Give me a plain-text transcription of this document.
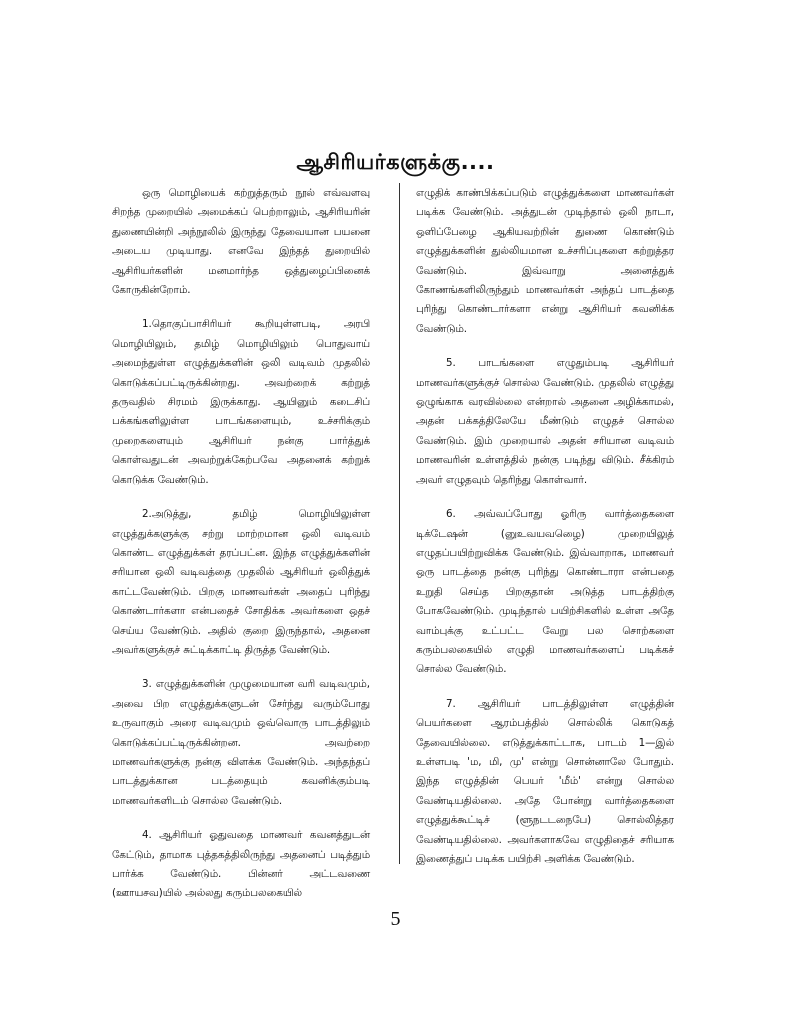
ஆசிரியர்களுக்கு....

ஒரு மொழியைக் கற்றுத்தரும் நூல் எவ்வளவு சிறந்த முறையில் அமைக்கப் பெற்றாலும், ஆசிரியரின் துணையின்றி அந்நூலில் இருந்து தேவையான பயனை அடைய முடியாது. எனவே இந்தத் துறையில் ஆசிரியர்களின் மனமார்ந்த ஒத்துழைப்பினைக் கோருகின்றோம்.

1.தொகுப்பாசிரியர் கூறியுள்ளபடி, அரபி மொழியிலும், தமிழ் மொழியிலும் பொதுவாய் அமைந்துள்ள எழுத்துக்களின் ஒலி வடிவம் முதலில் கொடுக்கப்பட்டிருக்கின்றது. அவற்றைக் கற்றுத் தருவதில் சிரமம் இருக்காது. ஆயினும் கடைசிப் பக்கங்களிலுள்ள பாடங்களையும், உச்சரிக்கும் முறைகளையும் ஆசிரியர் நன்கு பார்த்துக் கொள்வதுடன் அவற்றுக்கேற்பவே அதனைக் கற்றுக் கொடுக்க வேண்டும்.

2.அடுத்து, தமிழ் மொழியிலுள்ள எழுத்துக்களுக்கு சற்று மாற்றமான ஒலி வடிவம் கொண்ட எழுத்துக்கள் தரப்பட்ன. இந்த எழுத்துக்களின் சரியான ஒலி வடிவத்தை முதலில் ஆசிரியர் ஒலித்துக் காட்டவேண்டும். பிறகு மாணவர்கள் அதைப் புரிந்து கொண்டார்களா என்பதைச் சோதிக்க அவர்களை ஒதச் செய்ய வேண்டும். அதில் குறை இருந்தால், அதனை அவர்களுக்குச் சுட்டிக்காட்டி திருத்த வேண்டும்.

3. எழுத்துக்களின் முழுமையான வரி வடிவமும், அவை பிற எழுத்துக்களுடன் சேர்ந்து வரும்போது உருவாகும் அரை வடிவமும் ஒவ்வொரு பாடத்திலும் கொடுக்கப்பட்டிருக்கின்றன. அவற்றை மாணவர்களுக்கு நன்கு விளக்க வேண்டும். அந்தந்தப் பாடத்துக்கான படத்தையும் கவனிக்கும்படி மாணவர்களிடம் சொல்ல வேண்டும்.

4. ஆசிரியர் ஓதுவதை மாணவர் கவனத்துடன் கேட்டும், தாமாக புத்தகத்திலிருந்து அதனைப் படித்தும் பார்க்க வேண்டும். பின்னர் அட்டவணை (ஊாயசவ)யில் அல்லது கரும்பலகையில்

எழுதிக் காண்பிக்கப்படும் எழுத்துக்களை மாணவர்கள் படிக்க வேண்டும். அத்துடன் முடிந்தால் ஒலி நாடா, ஒளிப்பேழை ஆகியவற்றின் துணை கொண்டும் எழுத்துக்களின் துல்லியமான உச்சரிப்புகளை கற்றுத்தர வேண்டும். இவ்வாறு அனைத்துக் கோணங்களிலிருந்தும் மாணவர்கள் அந்தப் பாடத்தை புரிந்து கொண்டார்களா என்று ஆசிரியர் கவனிக்க வேண்டும்.

5. பாடங்களை எழுதும்படி ஆசிரியர் மாணவர்களுக்குச் சொல்ல வேண்டும். முதலில் எழுத்து ஒழுங்காக வரவில்லை என்றால் அதனை அழிக்காமல், அதன் பக்கத்திலேயே மீண்டும் எழுதச் சொல்ல வேண்டும். இம் முறையால் அதன் சரியான வடிவம் மாணவரின் உள்ளத்தில் நன்கு படிந்து விடும். சீக்கிரம் அவர் எழுதவும் தெரிந்து கொள்வார்.

6. அவ்வப்போது ஓரிரு வார்த்தைகளை டிக்டேஷன் (னுஉவயவழைெ) முறையிலுத் எழுதப்பயிற்றுவிக்க வேண்டும். இவ்வாறாக, மாணவர் ஒரு பாடத்தை நன்கு புரிந்து கொண்டாரா என்பதை உறுதி செய்த பிறகுதான் அடுத்த பாடத்திற்கு போகவேண்டும். முடிந்தால் பயிற்சிகளில் உள்ள அதே வாம்புக்கு உட்பட்ட வேறு பல சொற்களை கரும்பலகையில் எழுதி மாணவர்களைப் படிக்கச் சொல்ல வேண்டும்.

7. ஆசிரியர் பாடத்திலுள்ள எழுத்தின் பெயர்களை ஆரம்பத்தில் சொல்லிக் கொடுகத் தேவையில்லை. எடுத்துக்காட்டாக, பாடம் 1—இல் உள்ளபடி 'ம, மி, மு' என்று சொன்னாலே போதும். இந்த எழுத்தின் பெயர் 'மீம்' என்று சொல்ல வேண்டியதில்லை. அதே போன்று வார்த்தைகளை எழுத்துக்கூட்டிச் (ளூநடடநைபே) சொல்லித்தர வேண்டியதில்லை. அவர்களாகவே எழுதிதைச் சரியாக இணைத்துப் படிக்க பயிற்சி அளிக்க வேண்டும்.

5
